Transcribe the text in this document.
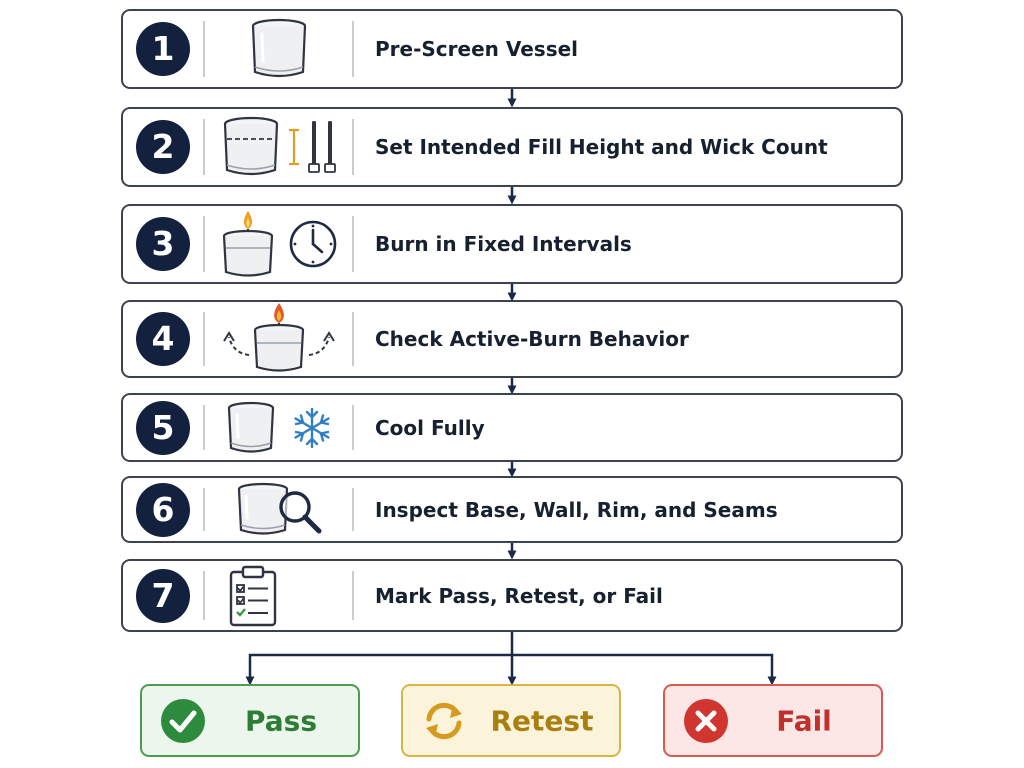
1	Pre-Screen Vessel
2	Set Intended Fill Height and Wick Count
3	Burn in Fixed Intervals
4	Check Active-Burn Behavior
5	Cool Fully
6	Inspect Base, Wall, Rim, and Seams
7	Mark Pass, Retest, or Fail
Pass	Retest	Fail
